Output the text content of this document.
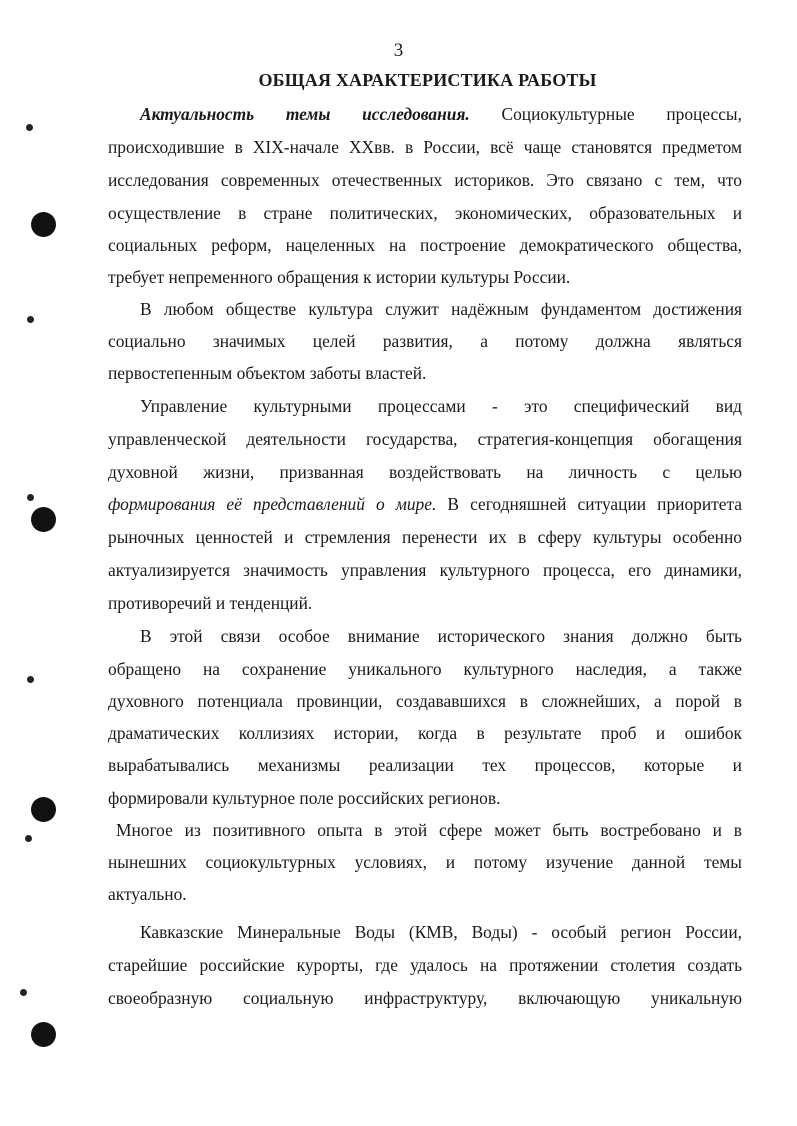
3

ОБЩАЯ ХАРАКТЕРИСТИКА РАБОТЫ

Актуальность темы исследования. Социокультурные процессы,

происходившие в XIX-начале XXвв. в России, всё чаще становятся предметом

исследования современных отечественных историков. Это связано с тем, что

осуществление в стране политических, экономических, образовательных и

социальных реформ, нацеленных на построение демократического общества,

требует непременного обращения к истории культуры России.

В любом обществе культура служит надёжным фундаментом достижения

социально значимых целей развития, а потому должна являться

первостепенным объектом заботы властей.

Управление культурными процессами - это специфический вид

управленческой деятельности государства, стратегия-концепция обогащения

духовной жизни, призванная воздействовать на личность с целью

формирования её представлений о мире. В сегодняшней ситуации приоритета

рыночных ценностей и стремления перенести их в сферу культуры особенно

актуализируется значимость управления культурного процесса, его динамики,

противоречий и тенденций.

В этой связи особое внимание исторического знания должно быть

обращено на сохранение уникального культурного наследия, а также

духовного потенциала провинции, создававшихся в сложнейших, а порой в

драматических коллизиях истории, когда в результате проб и ошибок

вырабатывались механизмы реализации тех процессов, которые и

формировали культурное поле российских регионов.

Многое из позитивного опыта в этой сфере может быть востребовано и в

нынешних социокультурных условиях, и потому изучение данной темы

актуально.

Кавказские Минеральные Воды (КМВ, Воды) - особый регион России,

старейшие российские курорты, где удалось на протяжении столетия создать

своеобразную социальную инфраструктуру, включающую уникальную
